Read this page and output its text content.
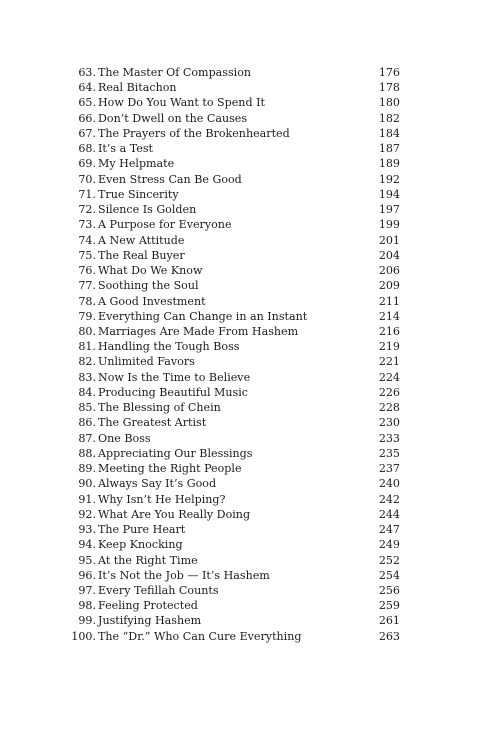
63. The Master Of Compassion	176
64. Real Bitachon	178
65. How Do You Want to Spend It	180
66. Don’t Dwell on the Causes	182
67. The Prayers of the Brokenhearted	184
68. It’s a Test	187
69. My Helpmate	189
70. Even Stress Can Be Good	192
71. True Sincerity	194
72. Silence Is Golden	197
73. A Purpose for Everyone	199
74. A New Attitude	201
75. The Real Buyer	204
76. What Do We Know	206
77. Soothing the Soul	209
78. A Good Investment	211
79. Everything Can Change in an Instant	214
80. Marriages Are Made From Hashem	216
81. Handling the Tough Boss	219
82. Unlimited Favors	221
83. Now Is the Time to Believe	224
84. Producing Beautiful Music	226
85. The Blessing of Chein	228
86. The Greatest Artist	230
87. One Boss	233
88. Appreciating Our Blessings	235
89. Meeting the Right People	237
90. Always Say It’s Good	240
91. Why Isn’t He Helping?	242
92. What Are You Really Doing	244
93. The Pure Heart	247
94. Keep Knocking	249
95. At the Right Time	252
96. It’s Not the Job — It’s Hashem	254
97. Every Tefillah Counts	256
98. Feeling Protected	259
99. Justifying Hashem	261
100. The “Dr.” Who Can Cure Everything	263
